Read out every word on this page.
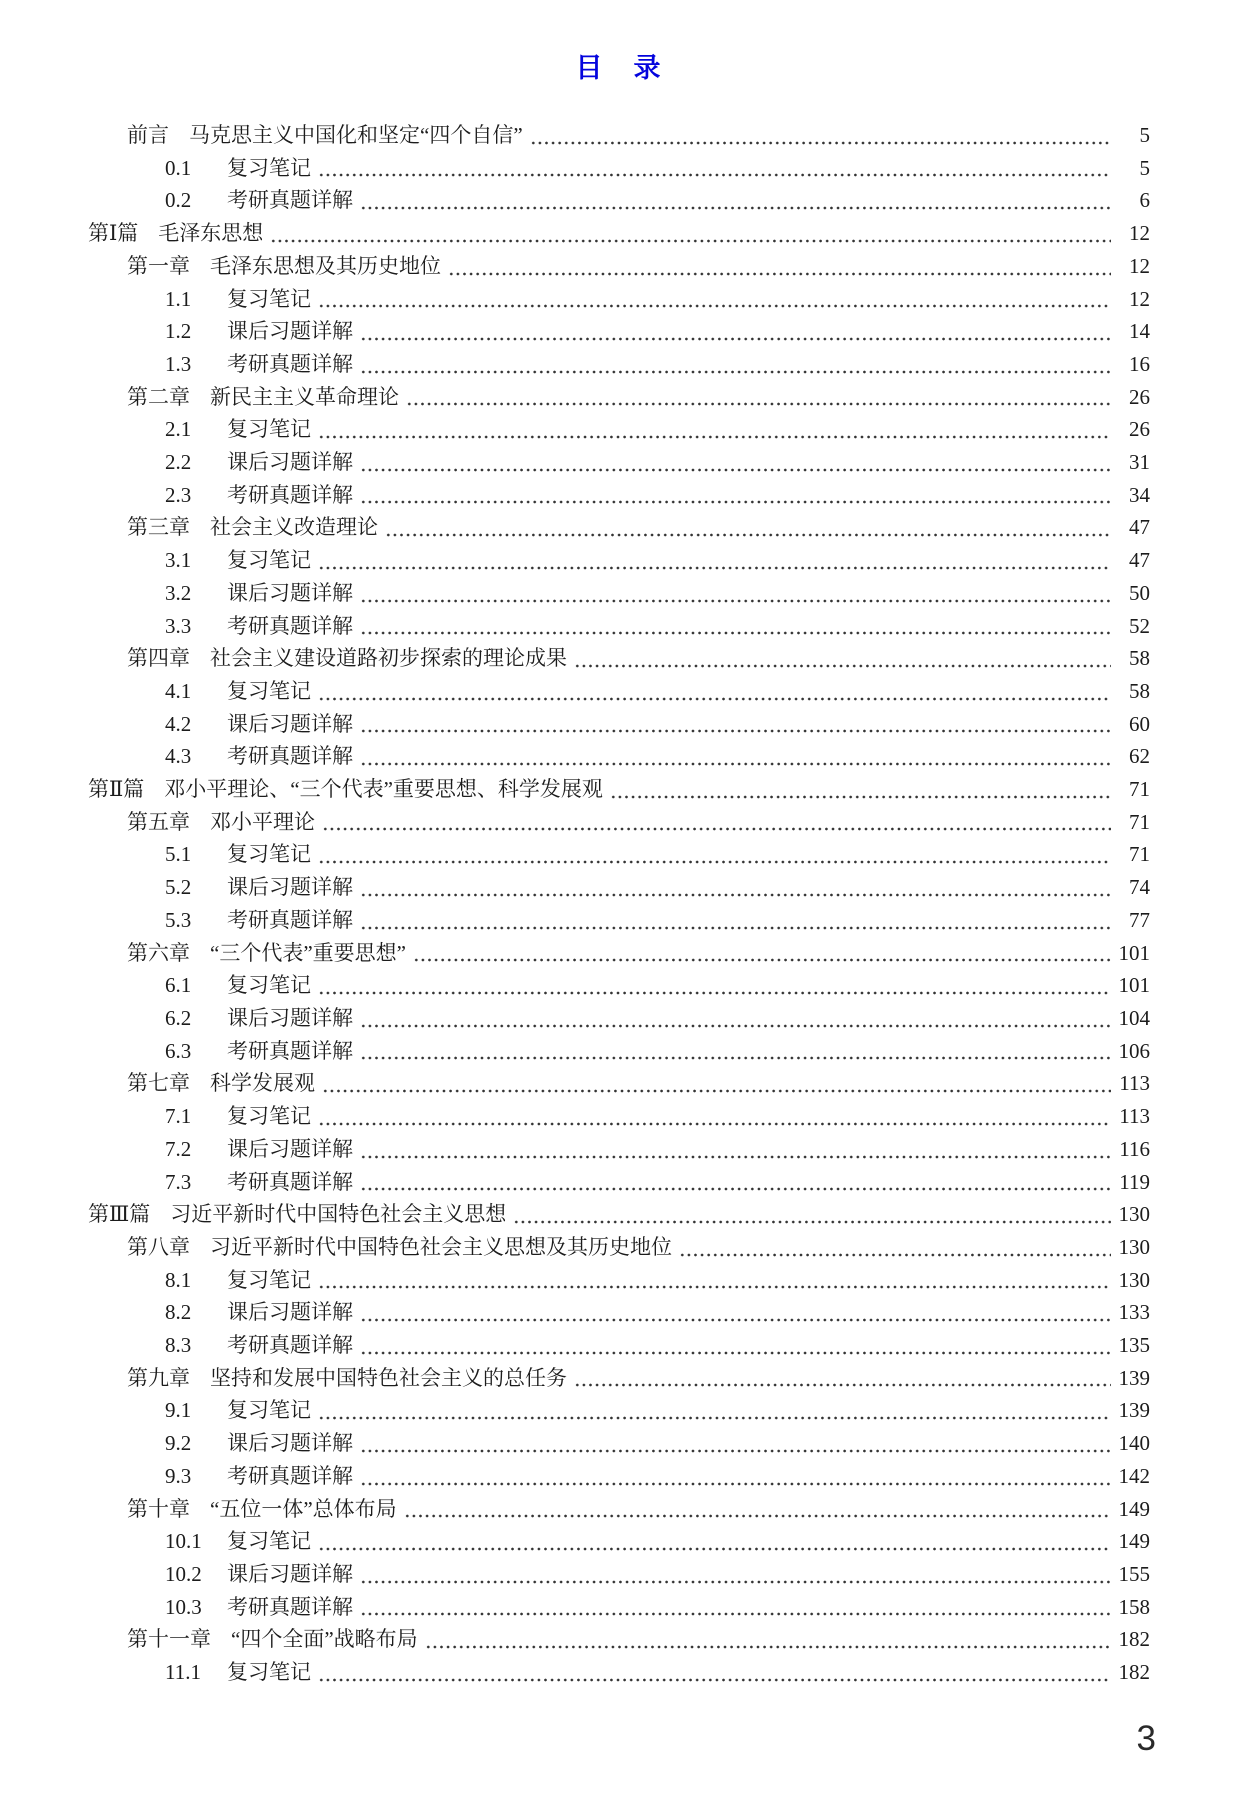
目　录
前言 马克思主义中国化和坚定“四个自信”	5
0.1	复习笔记	5
0.2	考研真题详解	6
第Ⅰ篇 毛泽东思想	12
第一章 毛泽东思想及其历史地位	12
1.1	复习笔记	12
1.2	课后习题详解	14
1.3	考研真题详解	16
第二章 新民主主义革命理论	26
2.1	复习笔记	26
2.2	课后习题详解	31
2.3	考研真题详解	34
第三章 社会主义改造理论	47
3.1	复习笔记	47
3.2	课后习题详解	50
3.3	考研真题详解	52
第四章 社会主义建设道路初步探索的理论成果	58
4.1	复习笔记	58
4.2	课后习题详解	60
4.3	考研真题详解	62
第Ⅱ篇 邓小平理论、“三个代表”重要思想、科学发展观	71
第五章 邓小平理论	71
5.1	复习笔记	71
5.2	课后习题详解	74
5.3	考研真题详解	77
第六章 “三个代表”重要思想”	101
6.1	复习笔记	101
6.2	课后习题详解	104
6.3	考研真题详解	106
第七章 科学发展观	113
7.1	复习笔记	113
7.2	课后习题详解	116
7.3	考研真题详解	119
第Ⅲ篇 习近平新时代中国特色社会主义思想	130
第八章 习近平新时代中国特色社会主义思想及其历史地位	130
8.1	复习笔记	130
8.2	课后习题详解	133
8.3	考研真题详解	135
第九章 坚持和发展中国特色社会主义的总任务	139
9.1	复习笔记	139
9.2	课后习题详解	140
9.3	考研真题详解	142
第十章 “五位一体”总体布局	149
10.1	复习笔记	149
10.2	课后习题详解	155
10.3	考研真题详解	158
第十一章 “四个全面”战略布局	182
11.1	复习笔记	182
3
